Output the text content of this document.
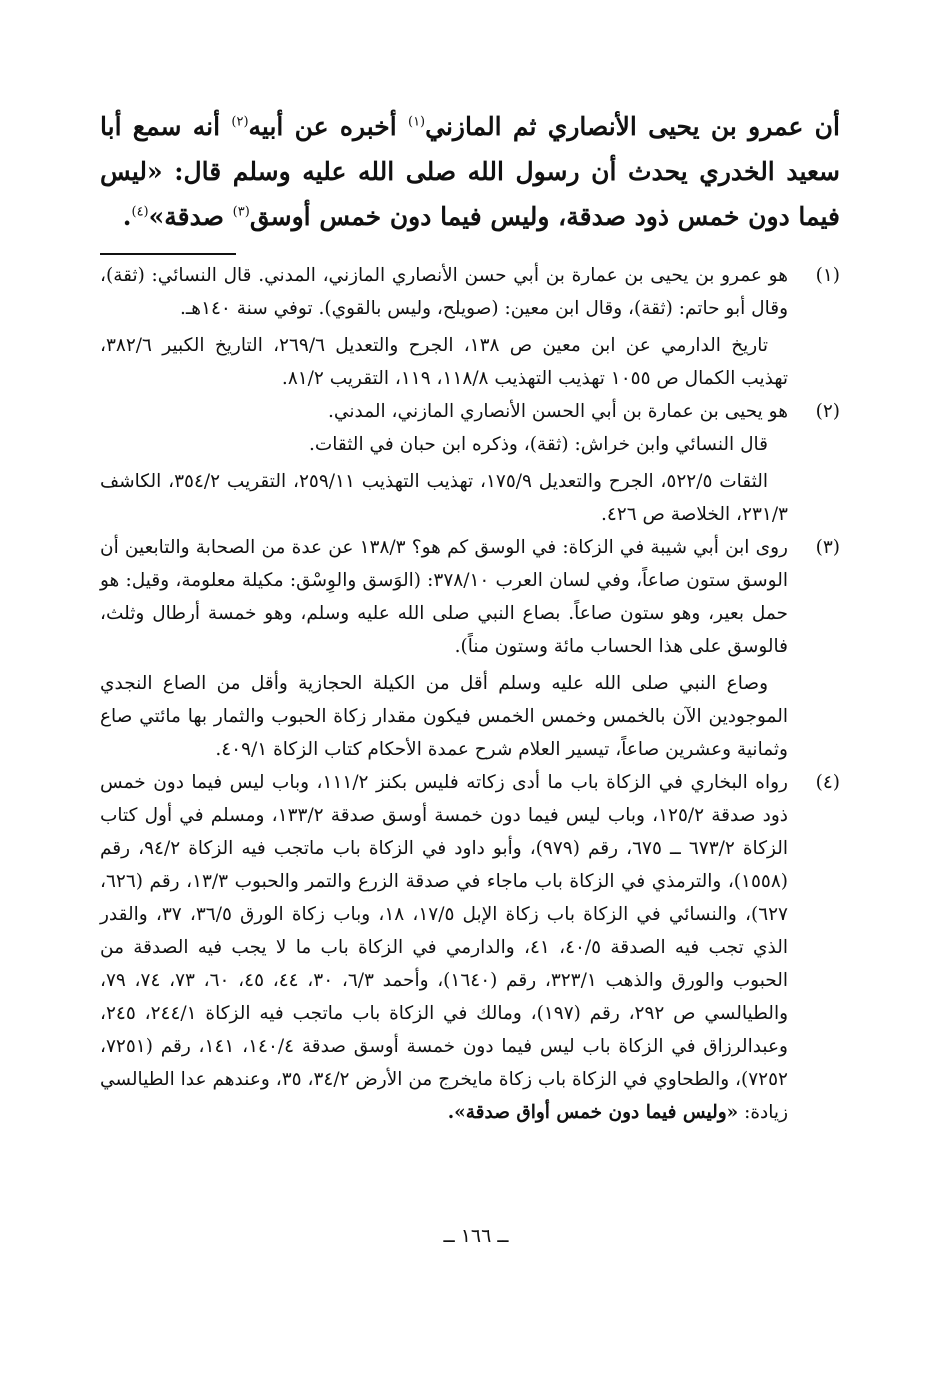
أن عمرو بن يحيى الأنصاري ثم المازني$^{(١)}$ أخبره عن أبيه$^{(٢)}$ أنه سمع أبا سعيد الخدري يحدث أن رسول الله صلى الله عليه وسلم قال: «ليس فيما دون خمس ذود صدقة، وليس فيما دون خمس أوسق$^{(٣)}$ صدقة»$^{(٤)}$.

(١)

هو عمرو بن يحيى بن عمارة بن أبي حسن الأنصاري المازني، المدني. قال النسائي: (ثقة)، وقال أبو حاتم: (ثقة)، وقال ابن معين: (صويلح، وليس بالقوي). توفي سنة ١٤٠هـ.

تاريخ الدارمي عن ابن معين ص ١٣٨، الجرح والتعديل ٢٦٩/٦، التاريخ الكبير ٣٨٢/٦، تهذيب الكمال ص ١٠٥٥ تهذيب التهذيب ١١٨/٨، ١١٩، التقريب ٨١/٢.

(٢)

هو يحيى بن عمارة بن أبي الحسن الأنصاري المازني، المدني.

قال النسائي وابن خراش: (ثقة)، وذكره ابن حبان في الثقات.

الثقات ٥٢٢/٥، الجرح والتعديل ١٧٥/٩، تهذيب التهذيب ٢٥٩/١١، التقريب ٣٥٤/٢، الكاشف ٢٣١/٣، الخلاصة ص ٤٢٦.

(٣)

روى ابن أبي شيبة في الزكاة: في الوسق كم هو؟ ١٣٨/٣ عن عدة من الصحابة والتابعين أن الوسق ستون صاعاً، وفي لسان العرب ٣٧٨/١٠: (الوَسق والوِسْق: مكيلة معلومة، وقيل: هو حمل بعير، وهو ستون صاعاً. بصاع النبي صلى الله عليه وسلم، وهو خمسة أرطال وثلث، فالوسق على هذا الحساب مائة وستون مناً).

وصاع النبي صلى الله عليه وسلم أقل من الكيلة الحجازية وأقل من الصاع النجدي الموجودين الآن بالخمس وخمس الخمس فيكون مقدار زكاة الحبوب والثمار بها مائتي صاع وثمانية وعشرين صاعاً، تيسير العلام شرح عمدة الأحكام كتاب الزكاة ٤٠٩/١.

(٤)

رواه البخاري في الزكاة باب ما أدى زكاته فليس بكنز ١١١/٢، وباب ليس فيما دون خمس ذود صدقة ١٢٥/٢، وباب ليس فيما دون خمسة أوسق صدقة ١٣٣/٢، ومسلم في أول كتاب الزكاة ٦٧٣/٢ ــ ٦٧٥، رقم (٩٧٩)، وأبو داود في الزكاة باب ماتجب فيه الزكاة ٩٤/٢، رقم (١٥٥٨)، والترمذي في الزكاة باب ماجاء في صدقة الزرع والتمر والحبوب ١٣/٣، رقم (٦٢٦، ٦٢٧)، والنسائي في الزكاة باب زكاة الإبل ١٧/٥، ١٨، وباب زكاة الورق ٣٦/٥، ٣٧، والقدر الذي تجب فيه الصدقة ٤٠/٥، ٤١، والدارمي في الزكاة باب ما لا يجب فيه الصدقة من الحبوب والورق والذهب ٣٢٣/١، رقم (١٦٤٠)، وأحمد ٦/٣، ٣٠، ٤٤، ٤٥، ٦٠، ٧٣، ٧٤، ٧٩، والطيالسي ص ٢٩٢، رقم (١٩٧)، ومالك في الزكاة باب ماتجب فيه الزكاة ٢٤٤/١، ٢٤٥، وعبدالرزاق في الزكاة باب ليس فيما دون خمسة أوسق صدقة ١٤٠/٤، ١٤١، رقم (٧٢٥١، ٧٢٥٢)، والطحاوي في الزكاة باب زكاة مايخرج من الأرض ٣٤/٢، ٣٥، وعندهم عدا الطيالسي زيادة: «وليس فيما دون خمس أواق صدقة».

ــ ١٦٦ ــ
